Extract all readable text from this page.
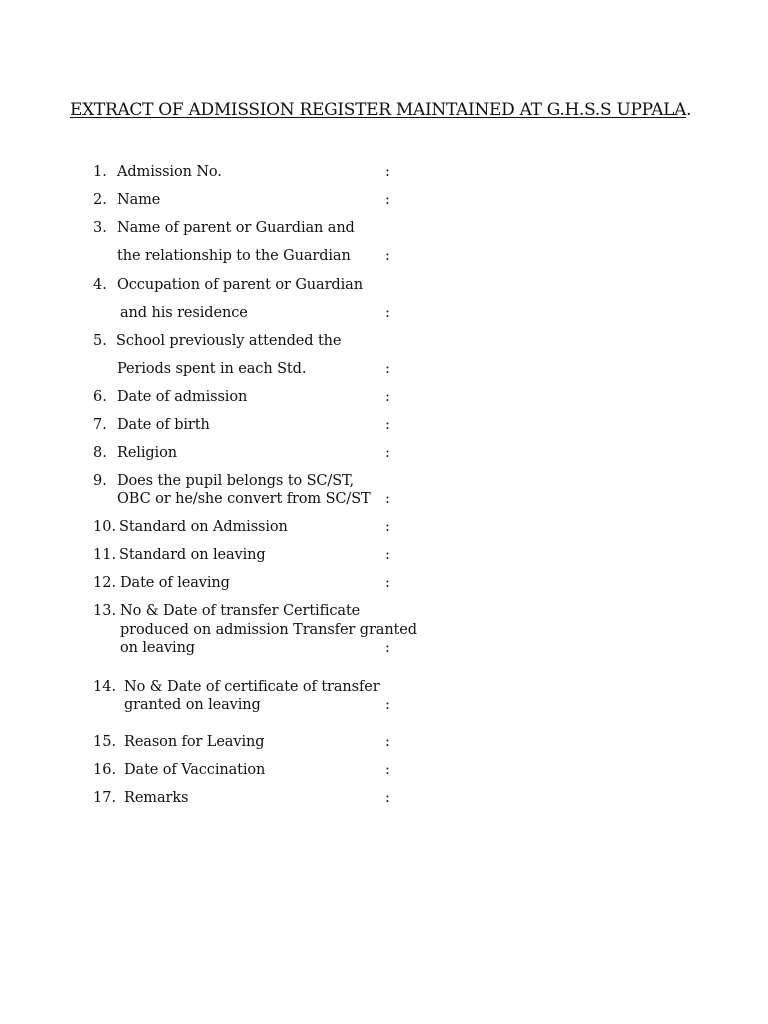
EXTRACT OF ADMISSION REGISTER MAINTAINED AT G.H.S.S UPPALA.
1. Admission No.	:
2. Name	:
3. Name of parent or Guardian and
the relationship to the Guardian :
4. Occupation of parent or Guardian
and his residence	:
5. School previously attended the
Periods spent in each Std.	:
6. Date of admission	:
7. Date of birth	:
8. Religion	:
9. Does the pupil belongs to SC/ST,
OBC or he/she convert from SC/ST :
10. Standard on Admission	:
11. Standard on leaving	:
12. Date of leaving	:
13. No & Date of transfer Certificate
produced on admission Transfer granted
on leaving	:
14. No & Date of certificate of transfer
granted on leaving	:
15. Reason for Leaving	:
16. Date of Vaccination	:
17. Remarks	:
